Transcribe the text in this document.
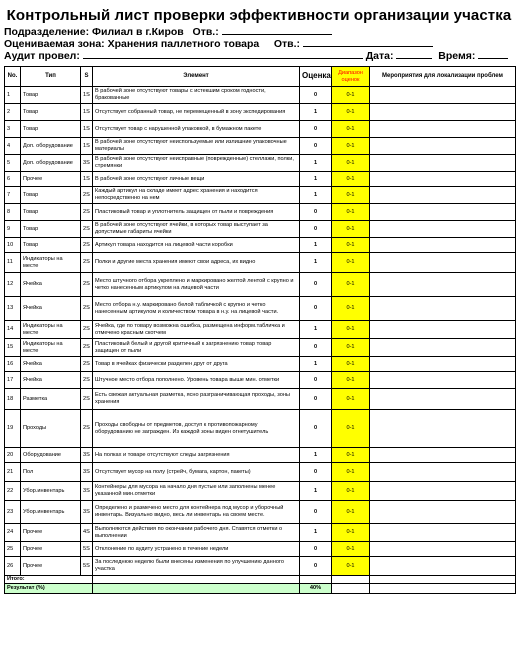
Контрольный лист проверки эффективности организации участка
Подразделение: Филиал в г.Киров Отв.:
Оцениваемая зона: Хранения паллетного товара Отв.:
Аудит провел:	Дата:	Время:
No.	Тип	S	Элемент	Оценка	Диапазон оценок	Мероприятия для локализации проблем
1	Товар	1S	В рабочей зоне отсутствуют товары с истекшим сроком годности, бракованные	0	0-1	
2	Товар	1S	Отсутствует собранный товар, не перемещенный в зону экспедирования	1	0-1	
3	Товар	1S	Отсутствует товар с нарушенной упаковкой, в бумажном пакете	0	0-1	
4	Доп. оборудование	1S	В рабочей зоне отсутствуют неиспользуемые или излишние упаковочные материалы	0	0-1	
5	Доп. оборудование	3S	В рабочей зоне отсутствуют неисправные (поврежденные) стеллажи, полки, стремянки	1	0-1	
6	Прочее	1S	В рабочей зоне отсутствуют личные вещи	1	0-1	
7	Товар	2S	Каждый артикул на складе имеет адрес хранения и находится непосредственно на нем	1	0-1	
8	Товар	2S	Пластиковый товар и уплотнитель защищен от пыли и повреждения	0	0-1	
9	Товар	2S	В рабочей зоне отсутствуют ячейки, в которых товар выступает за допустимые габариты ячейки	0	0-1	
10	Товар	2S	Артикул товара находится на лицевой части коробки	1	0-1	
11	Индикаторы на месте	2S	Полки и другие места хранения имеют свои адреса, их видно	1	0-1	
12	Ячейка	2S	Место штучного отбора укреплено и маркировано желтой лентой с крупно и четко нанесенным артикулом на лицевой части	0	0-1	
13	Ячейка	2S	Место отбора н.у. маркировано белой табличкой с крупно и четко нанесенным артикулом и количеством товара в н.у. на лицевой части.	0	0-1	
14	Индикаторы на месте	2S	Ячейка, где по товару возможна ошибка, размещена информ.табличка и отмечено красным скотчем	1	0-1	
15	Индикаторы на месте	2S	Пластиковый белый и другой критичный к загрязнению товар товар защищен от пыли	0	0-1	
16	Ячейка	2S	Товар в ячейках физически разделен друг от друга	1	0-1	
17	Ячейка	2S	Штучное место отбора пополнено. Уровень товара выше мин. отметки	0	0-1	
18	Разметка	2S	Есть свежая актуальная разметка, ясно разграничивающая проходы, зоны хранения	0	0-1	
19	Проходы	2S	Проходы свободны от предметов, доступ к противопожарному оборудованию не загражден. Из каждой зоны виден огнетушитель	0	0-1	
20	Оборудование	3S	На полках и товаре отсутствуют следы загрязнения	1	0-1	
21	Пол	3S	Отсутствует мусор на полу (стрейч, бумага, картон, пакеты)	0	0-1	
22	Убор.инвентарь	3S	Контейнеры для мусора на начало дня пустые или заполнены менее указанной мин.отметки	1	0-1	
23	Убор.инвентарь	3S	Определено и размечено место для контейнера под мусор и уборочный инвентарь. Визуально видно, весь ли инвентарь на своем месте.	0	0-1	
24	Прочее	4S	Выполняются действия по окончании рабочего дня. Ставятся отметки о выполнении	1	0-1	
25	Прочее	5S	Отклонение по аудиту устранено в течение недели	0	0-1	
26	Прочее	5S	За последнюю неделю были внесены изменения по улучшению данного участка	0	0-1	
Итого:						
Результат (%)				40%		
